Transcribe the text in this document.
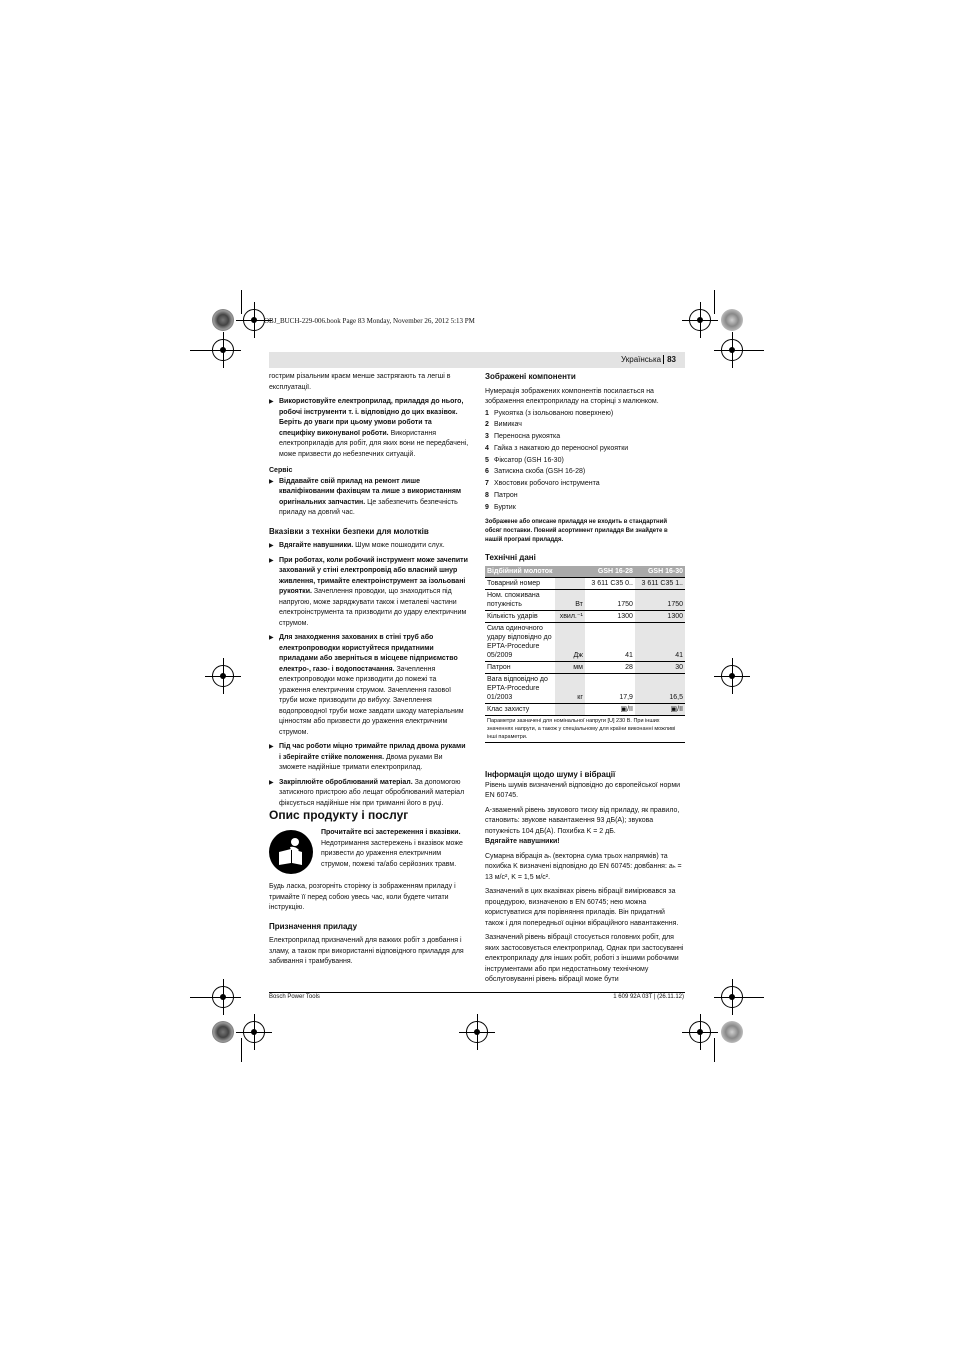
OBJ_BUCH-229-006.book Page 83 Monday, November 26, 2012 5:13 PM
Українська 83

гострим різальним краєм менше застрягають та легші в експлуатації.

▶ Використовуйте електроприлад, приладдя до нього, робочі інструменти т. і. відповідно до цих вказівок. Беріть до уваги при цьому умови роботи та специфіку виконуваної роботи. Використання електроприладів для робіт, для яких вони не передбачені, може призвести до небезпечних ситуацій.

Сервіс

▶ Віддавайте свій прилад на ремонт лише кваліфікованим фахівцям та лише з використанням оригінальних запчастин. Це забезпечить безпечність приладу на довгий час.

Вказівки з техніки безпеки для молотків

▶ Вдягайте навушники. Шум може пошкодити слух.

▶ При роботах, коли робочий інструмент може зачепити захований у стіні електропровід або власний шнур живлення, тримайте електроінструмент за ізольовані рукоятки. Зачеплення проводки, що знаходиться під напругою, може заряджувати також і металеві частини електроінструмента та призводити до удару електричним струмом.

▶ Для знаходження захованих в стіні труб або електропроводки користуйтеся придатними приладами або зверніться в місцеве підприємство електро-, газо- і водопостачання. Зачеплення електропроводки може призводити до пожежі та ураження електричним струмом. Зачеплення газової труби може призводити до вибуху. Зачеплення водопроводної труби може завдати шкоду матеріальним цінностям або призвести до ураження електричним струмом.

▶ Під час роботи міцно тримайте прилад двома руками і зберігайте стійке положення. Двома руками Ви зможете надійніше тримати електроприлад.

▶ Закріплюйте оброблюваний матеріал. За допомогою затискного пристрою або лещат оброблюваний матеріал фіксується надійніше ніж при триманні його в руці.

Опис продукту і послуг

Прочитайте всі застереження і вказівки. Недотримання застережень і вказівок може призвести до ураження електричним струмом, пожежі та/або серйозних травм.

Будь ласка, розгорніть сторінку із зображенням приладу і тримайте її перед собою увесь час, коли будете читати інструкцію.

Призначення приладу

Електроприлад призначений для важких робіт з довбання і зламу, а також при використанні відповідного приладдя для забивання і трамбування.

Зображені компоненти

Нумерація зображених компонентів посилається на зображення електроприладу на сторінці з малюнком.

1 Рукоятка (з ізольованою поверхнею)
2 Вимикач
3 Переносна рукоятка
4 Гайка з накаткою до переносної рукоятки
5 Фіксатор (GSH 16-30)
6 Затискна скоба (GSH 16-28)
7 Хвостовик робочого інструмента
8 Патрон
9 Буртик

Зображене або описане приладдя не входить в стандартний обсяг поставки. Повний асортимент приладдя Ви знайдете в нашій програмі приладдя.

Технічні дані
Відбійний молоток		GSH 16-28	GSH 16-30
Товарний номер		3 611 C35 0..	3 611 C35 1..
Ном. споживана потужність	Вт	1750	1750
Кількість ударів	хвил.⁻¹	1300	1300
Сила одиночного удару відповідно до EPTA-Procedure 05/2009	Дж	41	41
Патрон	мм	28	30
Вага відповідно до EPTA-Procedure 01/2003	кг	17,9	16,5
Клас захисту		▣/II	▣/II
Параметри зазначені для номінальної напруги [U] 230 В. При інших значеннях напруги, а також у спеціальному для країни виконанні можливі інші параметри.			
Інформація щодо шуму і вібрації

Рівень шумів визначений відповідно до європейської норми EN 60745.

А-зважений рівень звукового тиску від приладу, як правило, становить: звукове навантаження 93 дБ(A); звукова потужність 104 дБ(A). Похибка K = 2 дБ.

Вдягайте навушники!

Сумарна вібрація aₕ (векторна сума трьох напрямків) та похибка K визначені відповідно до EN 60745: довбання: aₕ = 13 м/с², K = 1,5 м/с².

Зазначений в цих вказівках рівень вібрації вимірювався за процедурою, визначеною в EN 60745; нею можна користуватися для порівняння приладів. Він придатний також і для попередньої оцінки вібраційного навантаження.

Зазначений рівень вібрації стосується головних робіт, для яких застосовується електроприлад. Однак при застосуванні електроприладу для інших робіт, роботі з іншими робочими інструментами або при недостатньому технічному обслуговуванні рівень вібрації може бути

Bosch Power Tools	1 609 92A 03T | (26.11.12)
